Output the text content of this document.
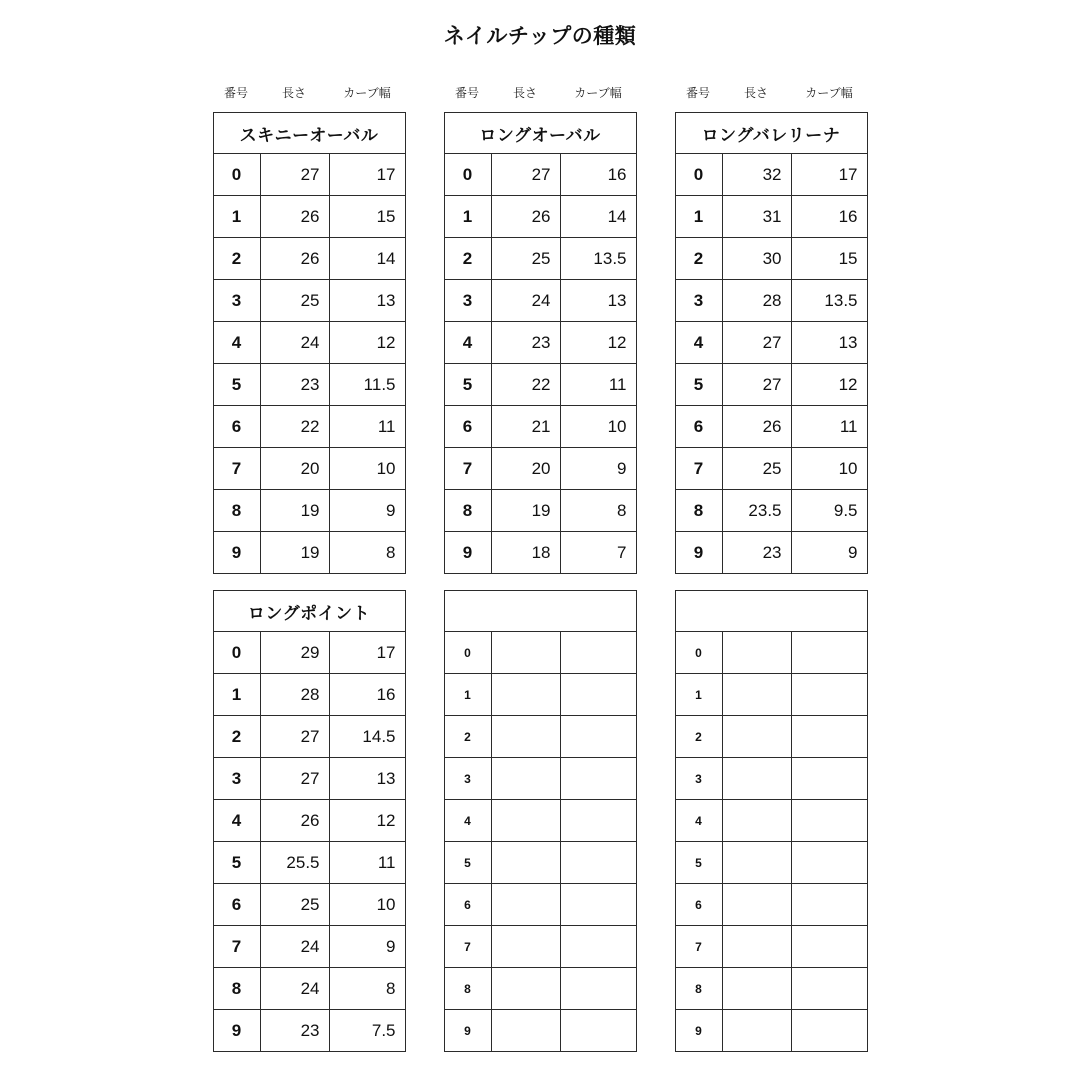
ネイルチップの種類
番号	長さ	カーブ幅
スキニーオーバル
0	27	17
1	26	15
2	26	14
3	25	13
4	24	12
5	23	11.5
6	22	11
7	20	10
8	19	9
9	19	8
ロングポイント
0	29	17
1	28	16
2	27	14.5
3	27	13
4	26	12
5	25.5	11
6	25	10
7	24	9
8	24	8
9	23	7.5
番号	長さ	カーブ幅
ロングオーバル
0	27	16
1	26	14
2	25	13.5
3	24	13
4	23	12
5	22	11
6	21	10
7	20	9
8	19	8
9	18	7
0
1
2
3
4
5
6
7
8
9
番号	長さ	カーブ幅
ロングバレリーナ
0	32	17
1	31	16
2	30	15
3	28	13.5
4	27	13
5	27	12
6	26	11
7	25	10
8	23.5	9.5
9	23	9
0
1
2
3
4
5
6
7
8
9
